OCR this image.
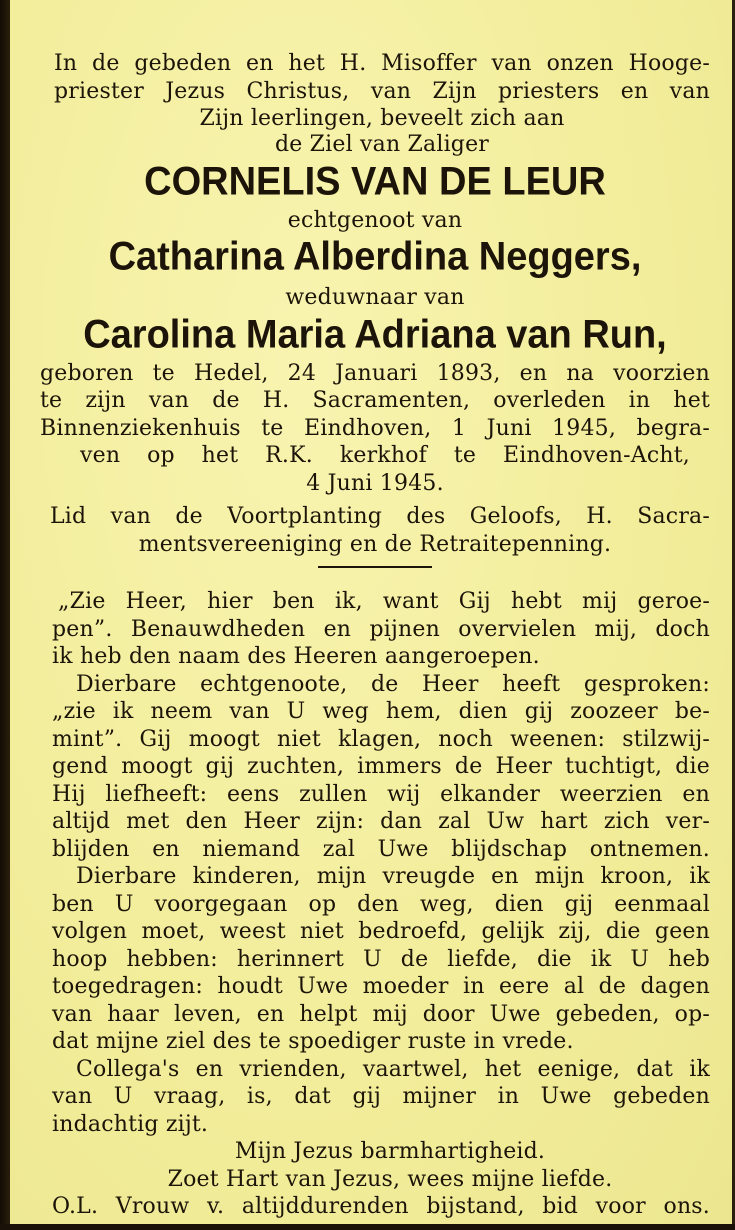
In de gebeden en het H. Misoffer van onzen Hooge-
priester Jezus Christus, van Zijn priesters en van
Zijn leerlingen, beveelt zich aan
de Ziel van Zaliger
CORNELIS VAN DE LEUR
echtgenoot van
Catharina Alberdina Neggers,
weduwnaar van
Carolina Maria Adriana van Run,
geboren te Hedel, 24 Januari 1893, en na voorzien
te zijn van de H. Sacramenten, overleden in het
Binnenziekenhuis te Eindhoven, 1 Juni 1945, begra-
ven op het R.K. kerkhof te Eindhoven-Acht,
4 Juni 1945.
Lid van de Voortplanting des Geloofs, H. Sacra-
mentsvereeniging en de Retraitepenning.
„Zie Heer, hier ben ik, want Gij hebt mij geroe-
pen”. Benauwdheden en pijnen overvielen mij, doch
ik heb den naam des Heeren aangeroepen.
Dierbare echtgenoote, de Heer heeft gesproken:
„zie ik neem van U weg hem, dien gij zoozeer be-
mint”. Gij moogt niet klagen, noch weenen: stilzwij-
gend moogt gij zuchten, immers de Heer tuchtigt, die
Hij liefheeft: eens zullen wij elkander weerzien en
altijd met den Heer zijn: dan zal Uw hart zich ver-
blijden en niemand zal Uwe blijdschap ontnemen.
Dierbare kinderen, mijn vreugde en mijn kroon, ik
ben U voorgegaan op den weg, dien gij eenmaal
volgen moet, weest niet bedroefd, gelijk zij, die geen
hoop hebben: herinnert U de liefde, die ik U heb
toegedragen: houdt Uwe moeder in eere al de dagen
van haar leven, en helpt mij door Uwe gebeden, op-
dat mijne ziel des te spoediger ruste in vrede.
Collega's en vrienden, vaartwel, het eenige, dat ik
van U vraag, is, dat gij mijner in Uwe gebeden
indachtig zijt.
Mijn Jezus barmhartigheid.
Zoet Hart van Jezus, wees mijne liefde.
O.L. Vrouw v. altijddurenden bijstand, bid voor ons.
